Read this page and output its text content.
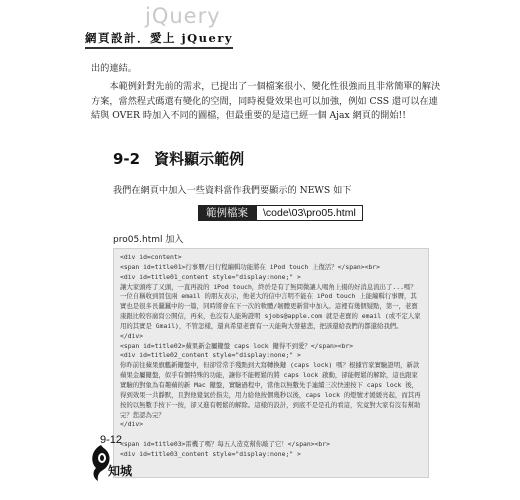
jQuery
網頁設計．愛上 jQuery
出的連結。
本範例針對先前的需求，已提出了一個檔案很小、變化性很強而且非常簡單的解決方案，當然程式碼還有變化的空間，同時視覺效果也可以加強，例如 CSS 還可以在連結與 OVER 時加入不同的圖檔，但最重要的是這已經一個 Ajax 網頁的開始!!
9-2 資料顯示範例
我們在網頁中加入一些資料當作我們要顯示的 NEWS 如下
範例檔案	\code\03\pro05.html
pro05.html 加入
<div id=content>
<span id=title01>行事曆/日行程編輯功能將在 iPod touch 上復活？</span><br>
<div id=title01_content style="display:none;" >
讓大家頭疼了又頭，一直再說的 iPod touch，終於是有了無問微讓人喝角上揚的好消息流出了...嗎？一位自稱收到買包兩 email 的朋友表示，他老大的信中言明不能在 iPod touch 上能編輯行事曆，其實也是很多長蠶蠶中的一篇，同時將會在下一次的軟體/韌體更新當中加入。這裡有幾個疑點，第一，老寶康跟比較容廣寫公開信，再來，也沒有人能夠證明 sjobs@apple.com 就是老寶的 email (或不定人家用的其實是 Gmail)，不管怎樣，還真希望老寶有一天能夠大發慈悲，把該還給我們的都還給我們。
</div>
<span id=title02>蘋果新金屬鍵盤 caps lock 鍵得不到愛？</span><br>
<div id=title02_content style="display:none;" >
你昨前往蘋果旗艦新鍵盤中，但卻常常手殘點到大寫轉換鍵 (caps lock) 嗎？根據官家實驗證明，新款蘋果金屬鍵盤，似乎有個特殊的功能，讓你不能輕鬆的將 caps lock 啟動，卻能輕鬆的解除，這也跟家實驗的對象為有趣蘋的新 Mac 鍵盤，實驗過程中，當他以無數先手連續三次快速按下 caps lock 後，得到效果一共靜默，且對他覺氣於指尖，用力給他按個幾秒以後，caps lock 的燈號才緩緩亮起，而其再按的以無數手按下一按，卻又進有輕鬆的解除。這樣的設計，到底不是是孔的看這，究竟對大家有沒有幫助完？您認為完？
</div>
<span id=title03>雷機了嗎？每五人造克幫你敲了它！</span><br>
<div id=title03_content style="display:none;" >
9-12
知城
